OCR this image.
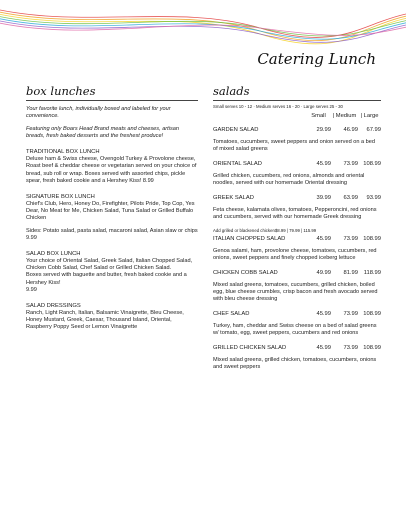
Catering Lunch
box lunches

Your favorite lunch, individually boxed and labeled for your convenience.

Featuring only Boars Head Brand meats and cheeses, artisan breads, fresh baked desserts and the freshest produce!

TRADITIONAL BOX LUNCH

Deluxe ham & Swiss cheese, Ovengold Turkey & Provolone cheese, Roast beef & cheddar cheese or vegetarian served on your choice of bread, sub roll or wrap. Boxes served with assorted chips, pickle spear, fresh baked cookie and a Hershey Kiss! 8.99

SIGNATURE BOX LUNCH

Chief's Club, Hero, Honey Do, Firefighter, Pilots Pride, Top Cop, Yes Dear, No Meat for Me, Chicken Salad, Tuna Salad or Grilled Buffalo Chicken

Sides: Potato salad, pasta salad, macaroni salad, Asian slaw or chips

9.99

SALAD BOX LUNCH

Your choice of Oriental Salad, Greek Salad, Italian Chopped Salad, Chicken Cobb Salad, Chef Salad or Grilled Chicken Salad.

Boxes served with baguette and butter, fresh baked cookie and a Hershey Kiss!

9.99

SALAD DRESSINGS

Ranch, Light Ranch, Italian, Balsamic Vinaigrette, Bleu Cheese, Honey Mustard, Greek, Caesar, Thousand Island, Oriental, Raspberry Poppy Seed or Lemon Vinaigrette

salads
Small serves 10 - 12 · Medium serves 16 - 20 · Large serves 25 - 30
Small	| Medium | Large
GARDEN SALAD	29.99	46.99	67.99

Tomatoes, cucumbers, sweet peppers and onion served on a bed of mixed salad greens

ORIENTAL SALAD	45.99	73.99 108.99

Grilled chicken, cucumbers, red onions, almonds and oriental noodles, served with our homemade Oriental dressing

GREEK SALAD	39.99	63.99	93.99

Feta cheese, kalamata olives, tomatoes, Pepperoncini, red onions and cucumbers, served with our homemade Greek dressing

Add grilled or blackened chicken$8.99 | 79.99 | 115.99
ITALIAN CHOPPED SALAD	45.99	73.99 108.99

Genoa salami, ham, provolone cheese, tomatoes, cucumbers, red onions, sweet peppers and finely chopped iceberg lettuce

CHICKEN COBB SALAD	49.99	81.99 118.99

Mixed salad greens, tomatoes, cucumbers, grilled chicken, boiled egg, blue cheese crumbles, crisp bacon and fresh avocado served with bleu cheese dressing

CHEF SALAD	45.99	73.99 108.99

Turkey, ham, cheddar and Swiss cheese on a bed of salad greens w/ tomato, egg, sweet peppers, cucumbers and red onions

GRILLED CHICKEN SALAD	45.99	73.99 108.99

Mixed salad greens, grilled chicken, tomatoes, cucumbers, onions and sweet peppers
